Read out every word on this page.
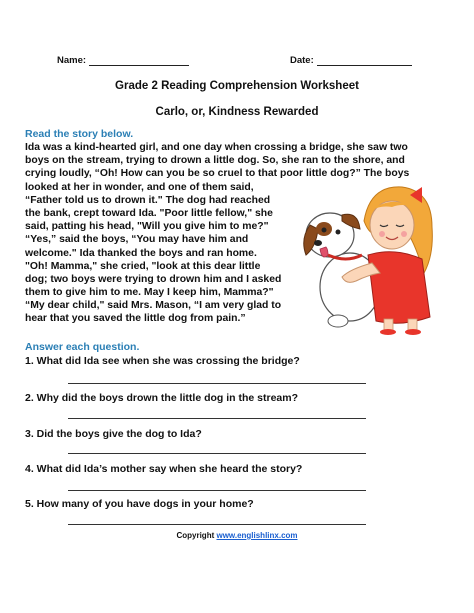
Name:	Date:
Grade 2 Reading Comprehension Worksheet
Carlo, or, Kindness Rewarded
Read the story below.
Ida was a kind-hearted girl, and one day when crossing a bridge, she saw two
boys on the stream, trying to drown a little dog. So, she ran to the shore, and
crying loudly, “Oh! How can you be so cruel to that poor little dog?” The boys
looked at her in wonder, and one of them said,
“Father told us to drown it." The dog had reached
the bank, crept toward Ida. "Poor little fellow," she
said, patting his head, "Will you give him to me?"
“Yes,” said the boys, “You may have him and
welcome." Ida thanked the boys and ran home.
"Oh! Mamma," she cried, "look at this dear little
dog; two boys were trying to drown him and I asked
them to give him to me. May I keep him, Mamma?"
“My dear child," said Mrs. Mason, “I am very glad to
hear that you saved the little dog from pain.”
Answer each question.
1. What did Ida see when she was crossing the bridge?
2. Why did the boys drown the little dog in the stream?
3. Did the boys give the dog to Ida?
4. What did Ida’s mother say when she heard the story?
5. How many of you have dogs in your home?
Copyright www.englishlinx.com
